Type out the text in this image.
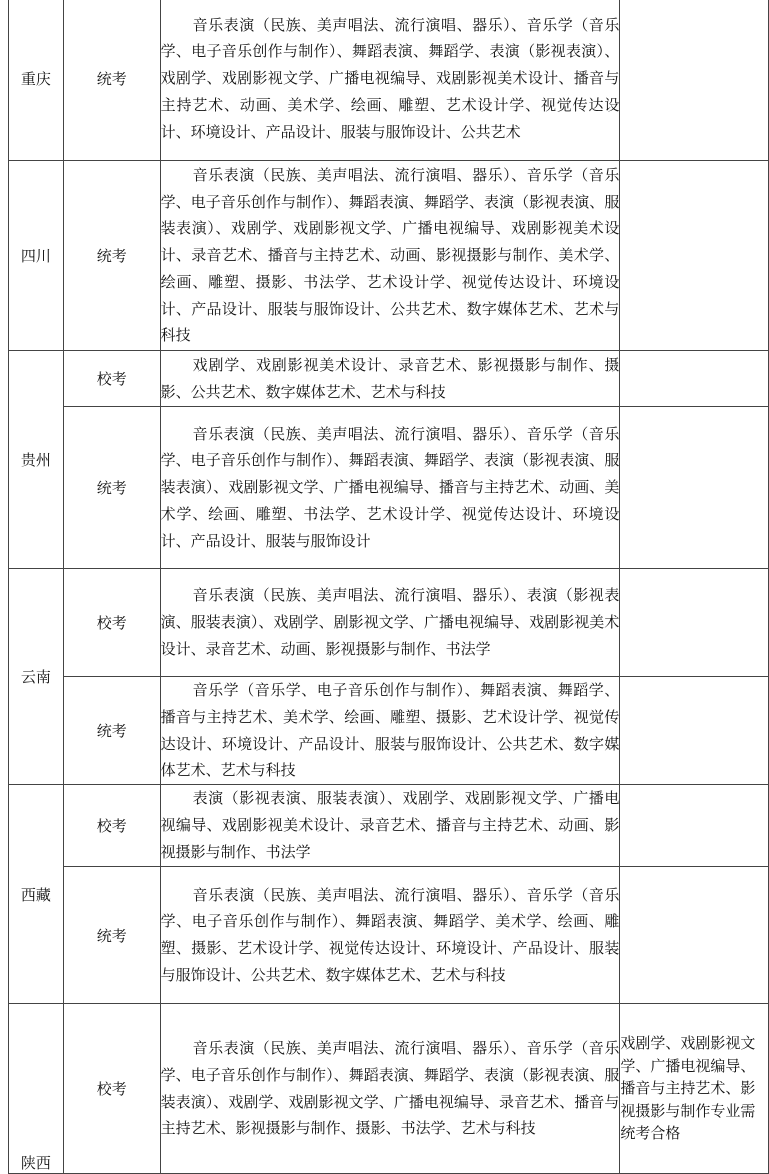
重庆	统考	音乐表演（民族、美声唱法、流行演唱、器乐）、音乐学（音乐学、电子音乐创作与制作）、舞蹈表演、舞蹈学、表演（影视表演）、戏剧学、戏剧影视文学、广播电视编导、戏剧影视美术设计、播音与主持艺术、动画、美术学、绘画、雕塑、艺术设计学、视觉传达设计、环境设计、产品设计、服装与服饰设计、公共艺术	

四川	统考	音乐表演（民族、美声唱法、流行演唱、器乐）、音乐学（音乐学、电子音乐创作与制作）、舞蹈表演、舞蹈学、表演（影视表演、服装表演）、戏剧学、戏剧影视文学、广播电视编导、戏剧影视美术设计、录音艺术、播音与主持艺术、动画、影视摄影与制作、美术学、绘画、雕塑、摄影、书法学、艺术设计学、视觉传达设计、环境设计、产品设计、服装与服饰设计、公共艺术、数字媒体艺术、艺术与科技	

贵州	校考	戏剧学、戏剧影视美术设计、录音艺术、影视摄影与制作、摄影、公共艺术、数字媒体艺术、艺术与科技	

	统考	音乐表演（民族、美声唱法、流行演唱、器乐）、音乐学（音乐学、电子音乐创作与制作）、舞蹈表演、舞蹈学、表演（影视表演、服装表演）、戏剧影视文学、广播电视编导、播音与主持艺术、动画、美术学、绘画、雕塑、书法学、艺术设计学、视觉传达设计、环境设计、产品设计、服装与服饰设计	

云南	校考	音乐表演（民族、美声唱法、流行演唱、器乐）、表演（影视表演、服装表演）、戏剧学、剧影视文学、广播电视编导、戏剧影视美术设计、录音艺术、动画、影视摄影与制作、书法学	

	统考	音乐学（音乐学、电子音乐创作与制作）、舞蹈表演、舞蹈学、播音与主持艺术、美术学、绘画、雕塑、摄影、艺术设计学、视觉传达设计、环境设计、产品设计、服装与服饰设计、公共艺术、数字媒体艺术、艺术与科技	

西藏	校考	表演（影视表演、服装表演）、戏剧学、戏剧影视文学、广播电视编导、戏剧影视美术设计、录音艺术、播音与主持艺术、动画、影视摄影与制作、书法学	

	统考	音乐表演（民族、美声唱法、流行演唱、器乐）、音乐学（音乐学、电子音乐创作与制作）、舞蹈表演、舞蹈学、美术学、绘画、雕塑、摄影、艺术设计学、视觉传达设计、环境设计、产品设计、服装与服饰设计、公共艺术、数字媒体艺术、艺术与科技	

陕西	校考	音乐表演（民族、美声唱法、流行演唱、器乐）、音乐学（音乐学、电子音乐创作与制作）、舞蹈表演、舞蹈学、表演（影视表演、服装表演）、戏剧学、戏剧影视文学、广播电视编导、录音艺术、播音与主持艺术、影视摄影与制作、摄影、书法学、艺术与科技	戏剧学、戏剧影视文学、广播电视编导、播音与主持艺术、影视摄影与制作专业需统考合格
